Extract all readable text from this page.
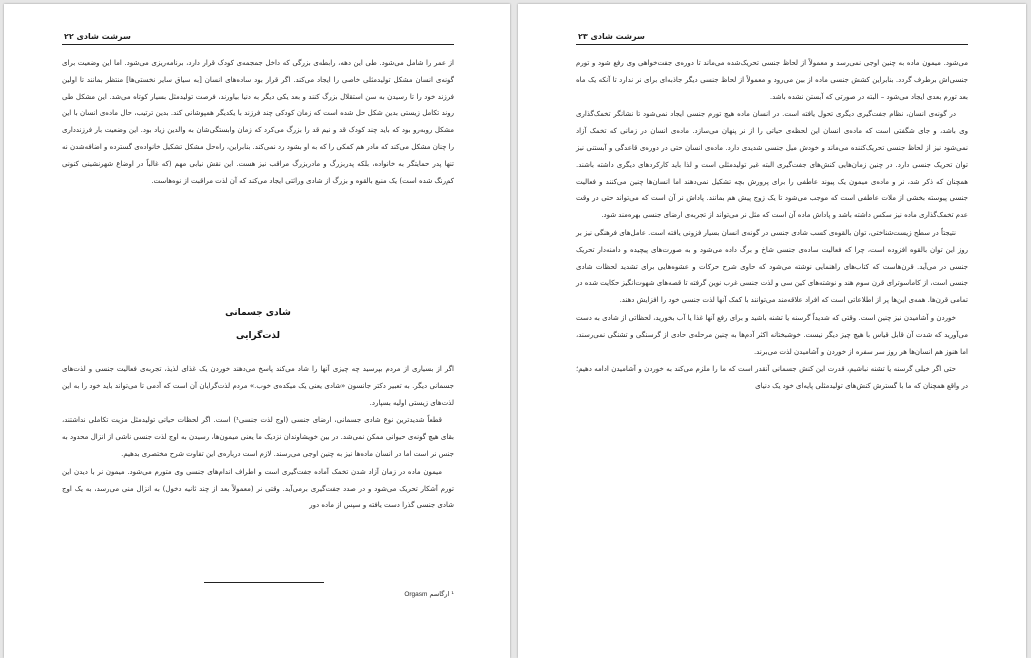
سرشت شادی ۲۲

از عمر را شامل می‌شود. طی این دهه، رابطه‌ی بزرگی که داخل جمجمه‌ی کودک قرار دارد، برنامه‌ریزی می‌شود. اما این وضعیت برای گونه‌ی انسان مشکل تولیدمثلی خاصی را ایجاد می‌کند. اگر قرار بود ساده‌های انسان [به سیاق سایر نخستی‌ها] منتظر بمانند تا اولین فرزند خود را تا رسیدن به سن استقلال بزرگ کنند و بعد یکی دیگر به دنیا بیاورند، فرصت تولیدمثل بسیار کوتاه می‌شد. این مشکل طی روند تکامل زیستی بدین شکل حل شده است که زمان کودکی چند فرزند با یکدیگر همپوشانی کند. بدین ترتیب، حال ماده‌ی انسان با این مشکل روبه‌رو بود که باید چند کودک قد و نیم قد را بزرگ می‌کرد که زمان وابستگی‌شان به والدین زیاد بود. این وضعیت بار فرزندداری را چنان مشکل می‌کند که مادر هم کمکی را که به او بشود رد نمی‌کند. بنابراین، راه‌حل مشکل تشکیل خانواده‌ی گسترده و اضافه‌شدن نه تنها پدر حمایتگر به خانواده، بلکه پدربزرگ و مادربزرگ مراقب نیز هست. این نقش نیابی مهم (که غالباً در اوضاع شهرنشینی کنونی کم‌رنگ شده است) یک منبع بالقوه و بزرگ از شادی وراثتی ایجاد می‌کند که آن لذت مراقبت از نوه‌هاست.

شادی جسمانی
لذت‌گرایی

اگر از بسیاری از مردم بپرسید چه چیزی آنها را شاد می‌کند پاسخ می‌دهند خوردن یک غذای لذیذ، تجربه‌ی فعالیت جنسی و لذت‌های جسمانی دیگر. به تعبیر دکتر جانسون «شادی یعنی یک میکده‌ی خوب.» مردم لذت‌گرایان آن است که آدمی تا می‌تواند باید خود را به این لذت‌های زیستی اولیه بسپارد.

قطعاً شدیدترین نوع شادی جسمانی، ارضای جنسی (اوج لذت جنسی¹) است. اگر لحظات حیاتی تولیدمثل مزیت تکاملی نداشتند، بقای هیچ گونه‌ی حیوانی ممکن نمی‌شد. در بین خویشاوندان نزدیک ما یعنی میمون‌ها، رسیدن به اوج لذت جنسی ناشی از انزال محدود به جنس نر است اما در انسان ماده‌ها نیز به چنین اوجی می‌رسند. لازم است درباره‌ی این تفاوت شرح مختصری بدهیم.

میمون ماده در زمان آزاد شدن تخمک آماده جفت‌گیری است و اطراف اندام‌های جنسی وی متورم می‌شود. میمون نر با دیدن این تورم آشکار تحریک می‌شود و در صدد جفت‌گیری برمی‌آید. وقتی نر (معمولاً بعد از چند ثانیه دخول) به انزال منی می‌رسد، به یک اوج شادی جنسی گذرا دست یافته و سپس از ماده دور

¹ ارگاسم Orgasm
سرشت شادی ۲۳

می‌شود. میمون ماده به چنین اوجی نمی‌رسد و معمولاً از لحاظ جنسی تحریک‌شده می‌ماند تا دوره‌ی جفت‌خواهی وی رفع شود و تورم جنسی‌اش برطرف گردد. بنابراین کشش جنسی ماده از بین می‌رود و معمولاً از لحاظ جنسی دیگر جاذبه‌ای برای نر ندارد تا آنکه یک ماه بعد تورم بعدی ایجاد می‌شود – البته در صورتی که آبستن نشده باشد.

در گونه‌ی انسان، نظام جفت‌گیری دیگری تحول یافته است. در انسان ماده هیچ تورم جنسی ایجاد نمی‌شود تا نشانگر تخمک‌گذاری وی باشد، و جای شگفتی است که ماده‌ی انسان این لحظه‌ی حیاتی را از نر پنهان می‌سازد. ماده‌ی انسان در زمانی که تخمک آزاد نمی‌شود نیز از لحاظ جنسی تحریک‌کننده می‌ماند و خودش میل جنسی شدیدی دارد. ماده‌ی انسان حتی در دوره‌ی قاعدگی و آبستنی نیز توان تحریک جنسی دارد. در چنین زمان‌هایی کنش‌های جفت‌گیری البته غیر تولیدمثلی است و لذا باید کارکردهای دیگری داشته باشند. همچنان که ذکر شد، نر و ماده‌ی میمون یک پیوند عاطفی را برای پرورش بچه تشکیل نمی‌دهند اما انسان‌ها چنین می‌کنند و فعالیت جنسی پیوسته بخشی از ملات عاطفی است که موجب می‌شود تا یک زوج پیش هم بمانند. پاداش نر آن است که می‌تواند حتی در وقت عدم تخمک‌گذاری ماده نیز سکس داشته باشد و پاداش ماده آن است که مثل نر می‌تواند از تجربه‌ی ارضای جنسی بهره‌مند شود.

نتیجتاً در سطح زیست‌شناختی، توان بالقوه‌ی کسب شادی جنسی در گونه‌ی انسان بسیار فزونی یافته است. عامل‌های فرهنگی نیز بر روز این توان بالقوه افزوده است، چرا که فعالیت ساده‌ی جنسی شاخ و برگ داده می‌شود و به صورت‌های پیچیده و دامنه‌دار تحریک جنسی در می‌آید. قرن‌هاست که کتاب‌های راهنمایی نوشته می‌شود که حاوی شرح حرکات و عشوه‌هایی برای تشدید لحظات شادی جنسی است، از کاماسوترای قرن سوم هند و نوشته‌های کین سی و لذت جنسی غرب نوین گرفته تا قصه‌های شهوت‌انگیز حکایت شده در تمامی قرن‌ها. همه‌ی این‌ها پر از اطلاعاتی است که افراد علاقه‌مند می‌توانند با کمک آنها لذت جنسی خود را افزایش دهند.

خوردن و آشامیدن نیز چنین است. وقتی که شدیداً گرسنه یا تشنه باشید و برای رفع آنها غذا یا آب بخورید، لحظاتی از شادی به دست می‌آورید که شدت آن قابل قیاس با هیچ چیز دیگر نیست. خوشبختانه اکثر آدم‌ها به چنین مرحله‌ی حادی از گرسنگی و تشنگی نمی‌رسند، اما هنوز هم انسان‌ها هر روز سر سفره از خوردن و آشامیدن لذت می‌برند.

حتی اگر خیلی گرسنه یا تشنه نباشیم، قدرت این کنش جسمانی آنقدر است که ما را ملزم می‌کند به خوردن و آشامیدن ادامه دهیم؛ در واقع همچنان که ما با گسترش کنش‌های تولیدمثلی پایه‌ای خود یک دنیای
